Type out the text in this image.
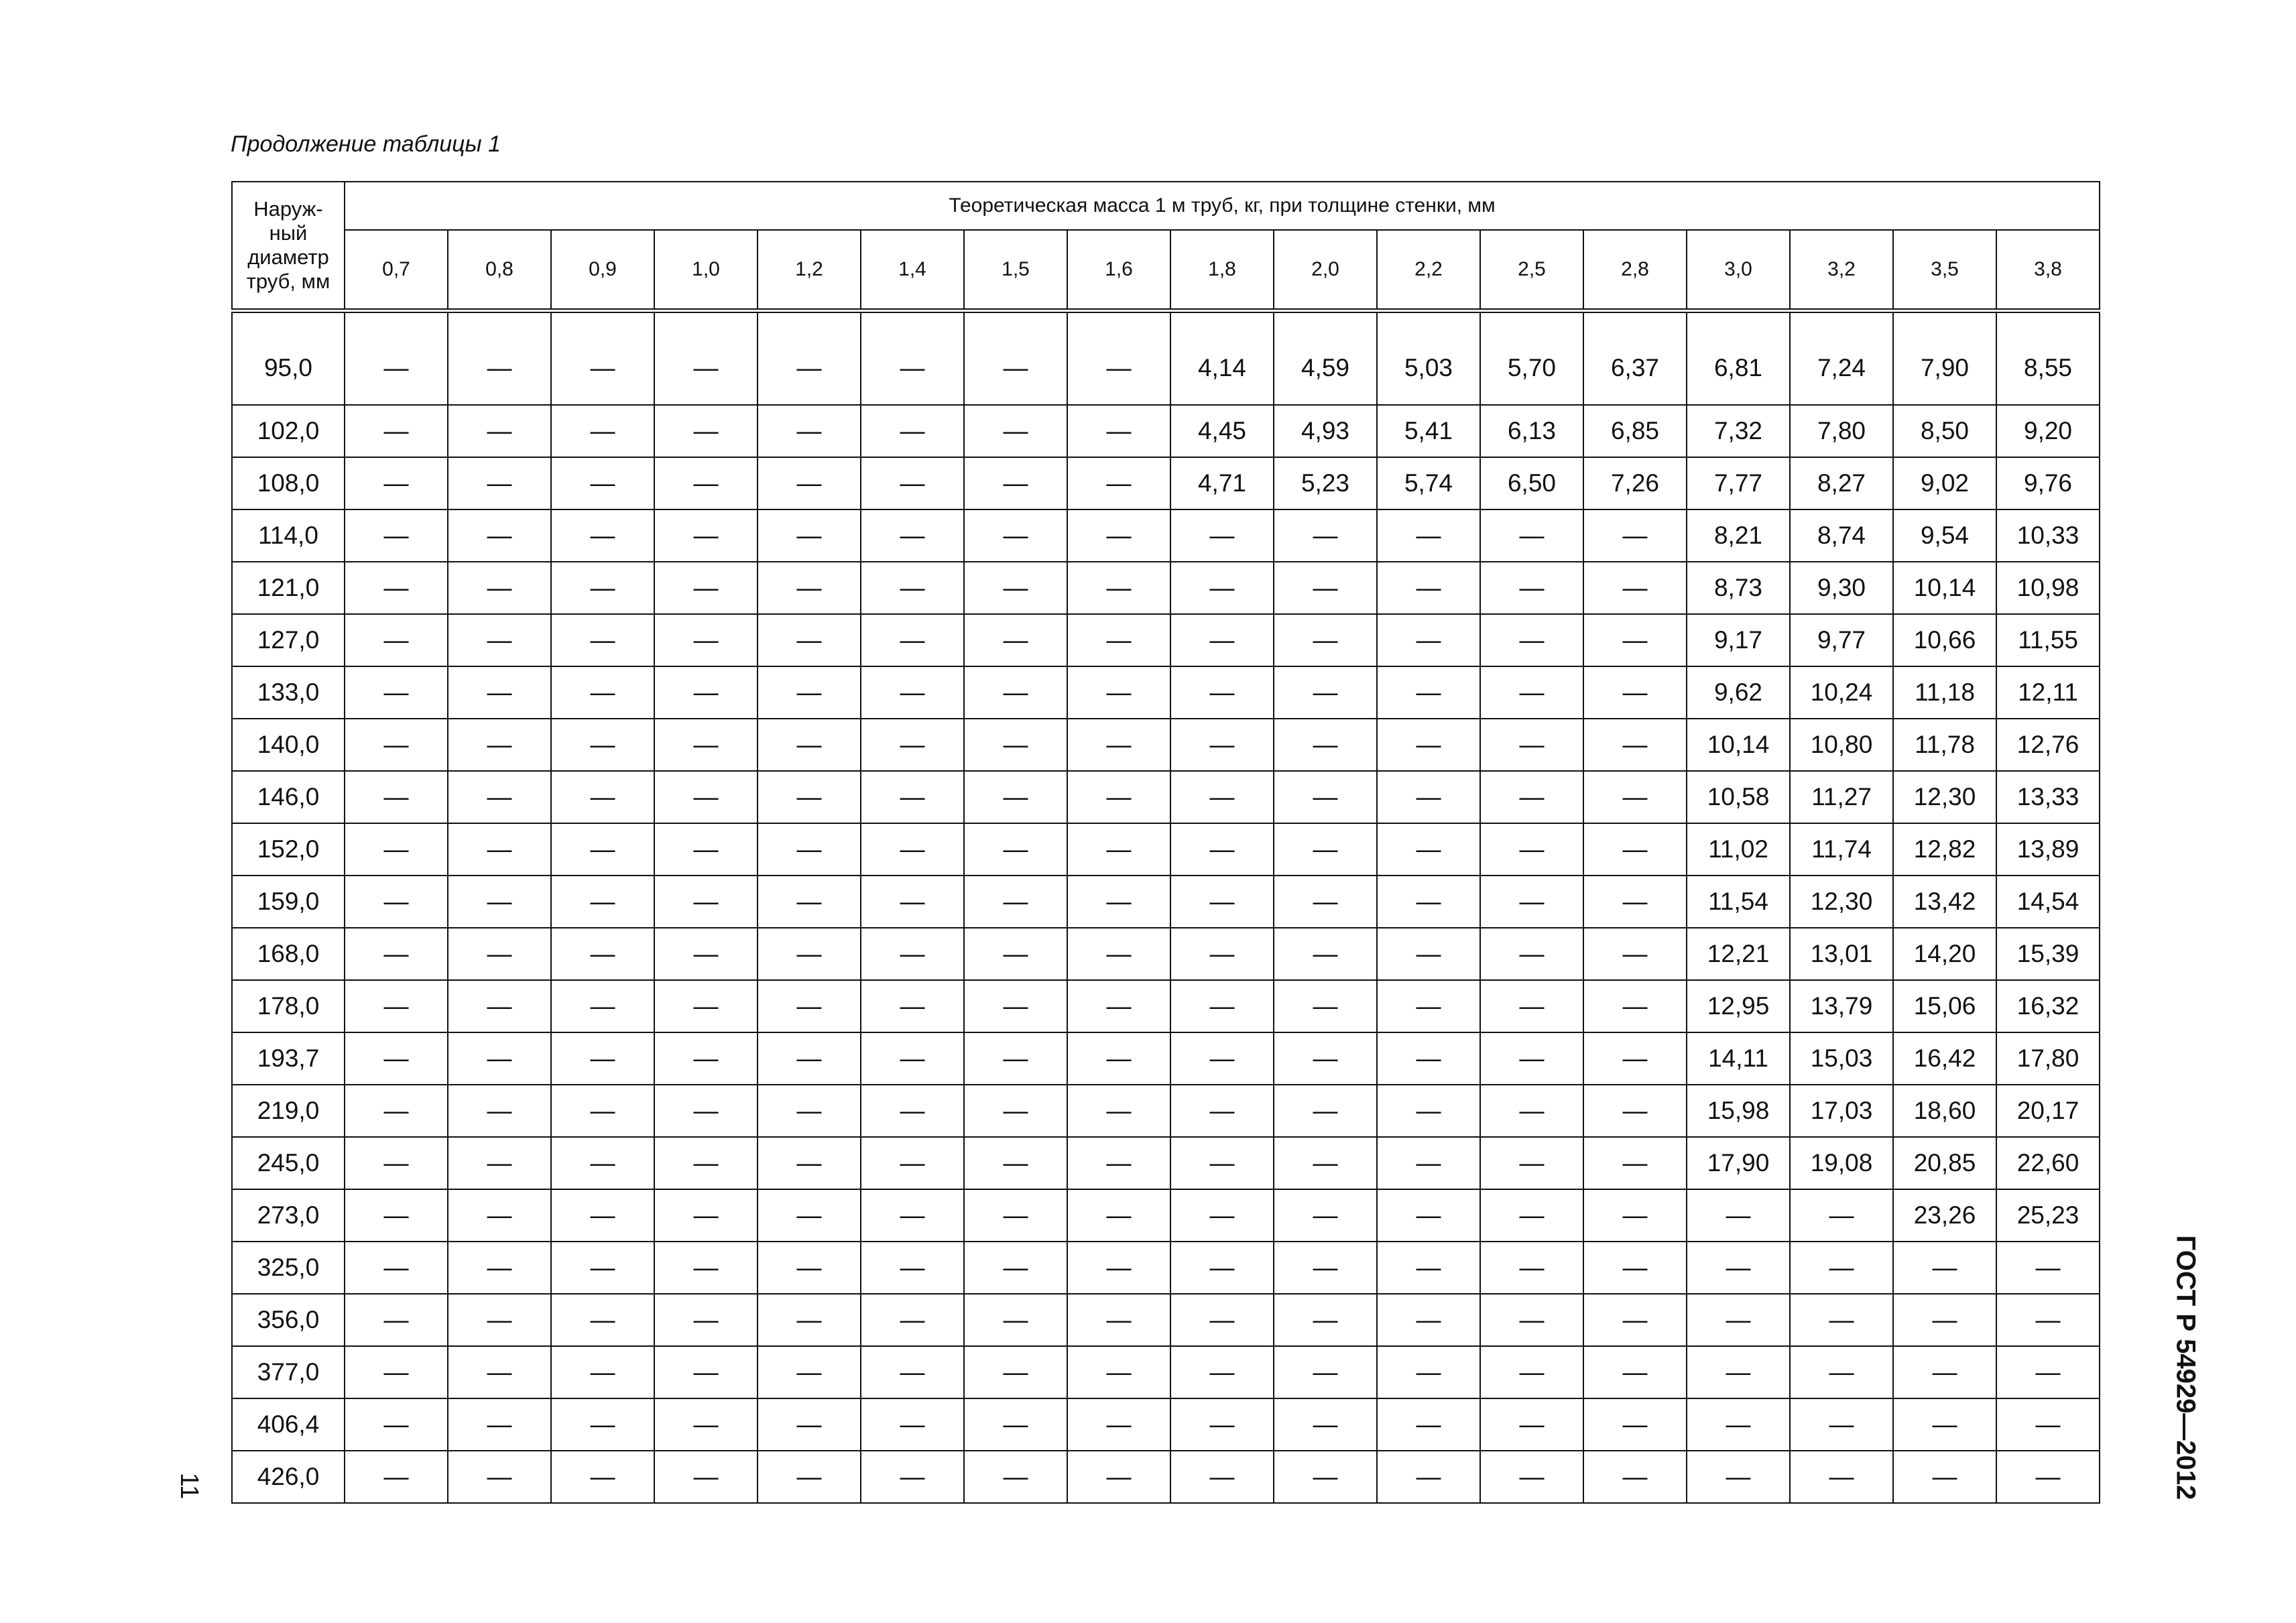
Продолжение таблицы 1
Наруж-
ный
диаметр
труб, мм	Теоретическая масса 1 м труб, кг, при толщине стенки, мм																
	0,7	0,8	0,9	1,0	1,2	1,4	1,5	1,6	1,8	2,0	2,2	2,5	2,8	3,0	3,2	3,5	3,8
95,0	—	—	—	—	—	—	—	—	4,14	4,59	5,03	5,70	6,37	6,81	7,24	7,90	8,55
102,0	—	—	—	—	—	—	—	—	4,45	4,93	5,41	6,13	6,85	7,32	7,80	8,50	9,20
108,0	—	—	—	—	—	—	—	—	4,71	5,23	5,74	6,50	7,26	7,77	8,27	9,02	9,76
114,0	—	—	—	—	—	—	—	—	—	—	—	—	—	8,21	8,74	9,54	10,33
121,0	—	—	—	—	—	—	—	—	—	—	—	—	—	8,73	9,30	10,14	10,98
127,0	—	—	—	—	—	—	—	—	—	—	—	—	—	9,17	9,77	10,66	11,55
133,0	—	—	—	—	—	—	—	—	—	—	—	—	—	9,62	10,24	11,18	12,11
140,0	—	—	—	—	—	—	—	—	—	—	—	—	—	10,14	10,80	11,78	12,76
146,0	—	—	—	—	—	—	—	—	—	—	—	—	—	10,58	11,27	12,30	13,33
152,0	—	—	—	—	—	—	—	—	—	—	—	—	—	11,02	11,74	12,82	13,89
159,0	—	—	—	—	—	—	—	—	—	—	—	—	—	11,54	12,30	13,42	14,54
168,0	—	—	—	—	—	—	—	—	—	—	—	—	—	12,21	13,01	14,20	15,39
178,0	—	—	—	—	—	—	—	—	—	—	—	—	—	12,95	13,79	15,06	16,32
193,7	—	—	—	—	—	—	—	—	—	—	—	—	—	14,11	15,03	16,42	17,80
219,0	—	—	—	—	—	—	—	—	—	—	—	—	—	15,98	17,03	18,60	20,17
245,0	—	—	—	—	—	—	—	—	—	—	—	—	—	17,90	19,08	20,85	22,60
273,0	—	—	—	—	—	—	—	—	—	—	—	—	—	—	—	23,26	25,23
325,0	—	—	—	—	—	—	—	—	—	—	—	—	—	—	—	—	—
356,0	—	—	—	—	—	—	—	—	—	—	—	—	—	—	—	—	—
377,0	—	—	—	—	—	—	—	—	—	—	—	—	—	—	—	—	—
406,4	—	—	—	—	—	—	—	—	—	—	—	—	—	—	—	—	—
426,0	—	—	—	—	—	—	—	—	—	—	—	—	—	—	—	—	—
11	ГОСТ Р 54929—2012
